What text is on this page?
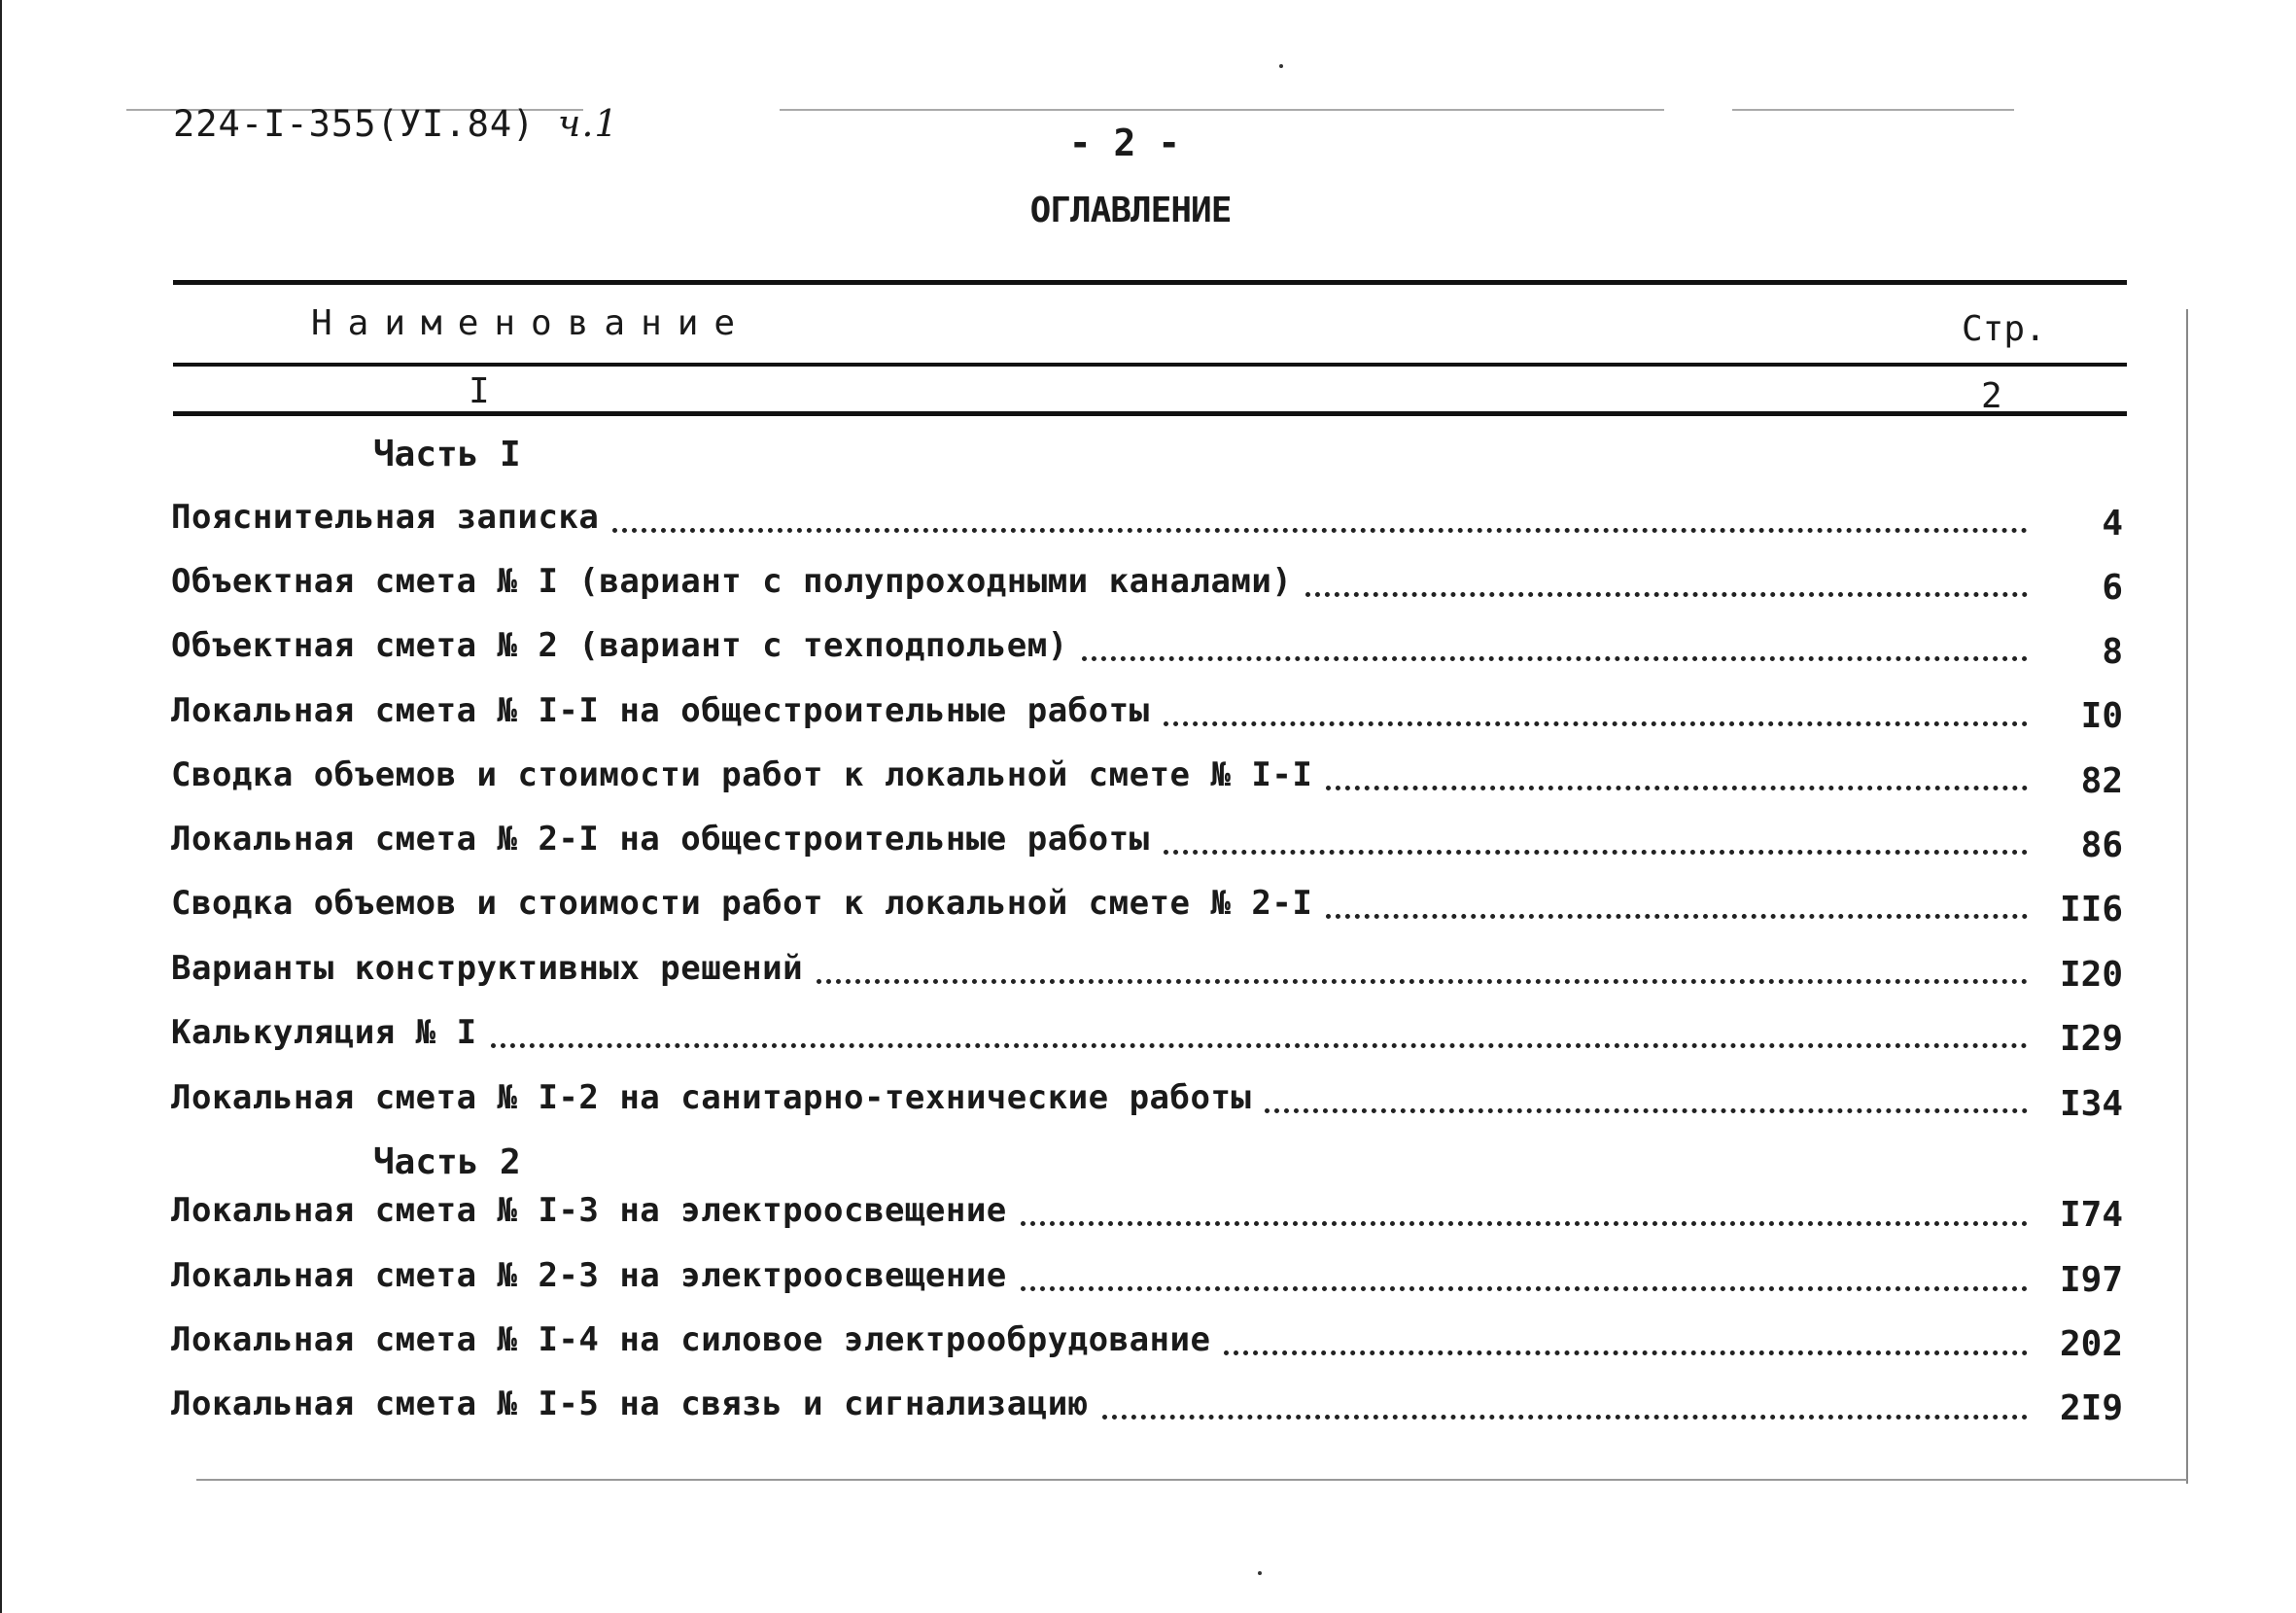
224-I-355(УI.84) ч.1	- 2 -
ОГЛАВЛЕНИЕ
Наименование	Стр.
I	2
Часть I
Пояснительная записка	4
Объектная смета № I (вариант с полупроходными каналами)	6
Объектная смета № 2 (вариант с техподпольем)	8
Локальная смета № I-I на общестроительные работы	I0
Сводка объемов и стоимости работ к локальной смете № I-I	82
Локальная смета № 2-I на общестроительные работы	86
Сводка объемов и стоимости работ к локальной смете № 2-I	II6
Варианты конструктивных решений	I20
Калькуляция № I	I29
Локальная смета № I-2 на санитарно-технические работы	I34
Часть 2
Локальная смета № I-3 на электроосвещение	I74
Локальная смета № 2-3 на электроосвещение	I97
Локальная смета № I-4 на силовое электрообрудование	202
Локальная смета № I-5 на связь и сигнализацию	2I9
